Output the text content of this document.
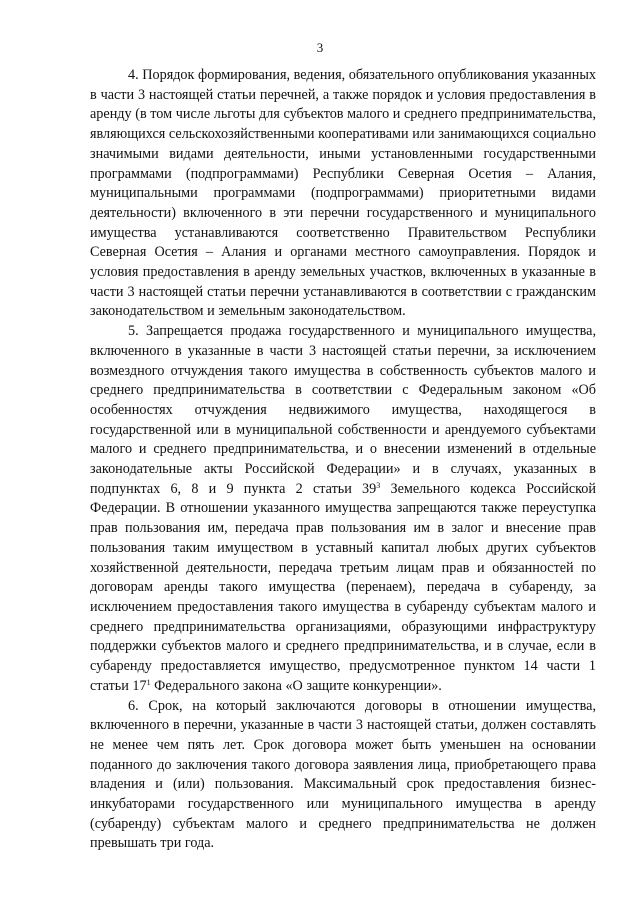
3

4. Порядок формирования, ведения, обязательного опубликования указанных в части 3 настоящей статьи перечней, а также порядок и условия предоставления в аренду (в том числе льготы для субъектов малого и среднего предпринимательства, являющихся сельскохозяйственными кооперативами или занимающихся социально значимыми видами деятельности, иными установленными государственными программами (подпрограммами) Республики Северная Осетия – Алания, муниципальными программами (подпрограммами) приоритетными видами деятельности) включенного в эти перечни государственного и муниципального имущества устанавливаются соответственно Правительством Республики Северная Осетия – Алания и органами местного самоуправления. Порядок и условия предоставления в аренду земельных участков, включенных в указанные в части 3 настоящей статьи перечни устанавливаются в соответствии с гражданским законодательством и земельным законодательством.

5. Запрещается продажа государственного и муниципального имущества, включенного в указанные в части 3 настоящей статьи перечни, за исключением возмездного отчуждения такого имущества в собственность субъектов малого и среднего предпринимательства в соответствии с Федеральным законом «Об особенностях отчуждения недвижимого имущества, находящегося в государственной или в муниципальной собственности и арендуемого субъектами малого и среднего предпринимательства, и о внесении изменений в отдельные законодательные акты Российской Федерации» и в случаях, указанных в подпунктах 6, 8 и 9 пункта 2 статьи $39^3$ Земельного кодекса Российской Федерации. В отношении указанного имущества запрещаются также переуступка прав пользования им, передача прав пользования им в залог и внесение прав пользования таким имуществом в уставный капитал любых других субъектов хозяйственной деятельности, передача третьим лицам прав и обязанностей по договорам аренды такого имущества (перенаем), передача в субаренду, за исключением предоставления такого имущества в субаренду субъектам малого и среднего предпринимательства организациями, образующими инфраструктуру поддержки субъектов малого и среднего предпринимательства, и в случае, если в субаренду предоставляется имущество, предусмотренное пунктом 14 части 1 статьи $17^1$ Федерального закона «О защите конкуренции».

6. Срок, на который заключаются договоры в отношении имущества, включенного в перечни, указанные в части 3 настоящей статьи, должен составлять не менее чем пять лет. Срок договора может быть уменьшен на основании поданного до заключения такого договора заявления лица, приобретающего права владения и (или) пользования. Максимальный срок предоставления бизнес-инкубаторами государственного или муниципального имущества в аренду (субаренду) субъектам малого и среднего предпринимательства не должен превышать три года.
